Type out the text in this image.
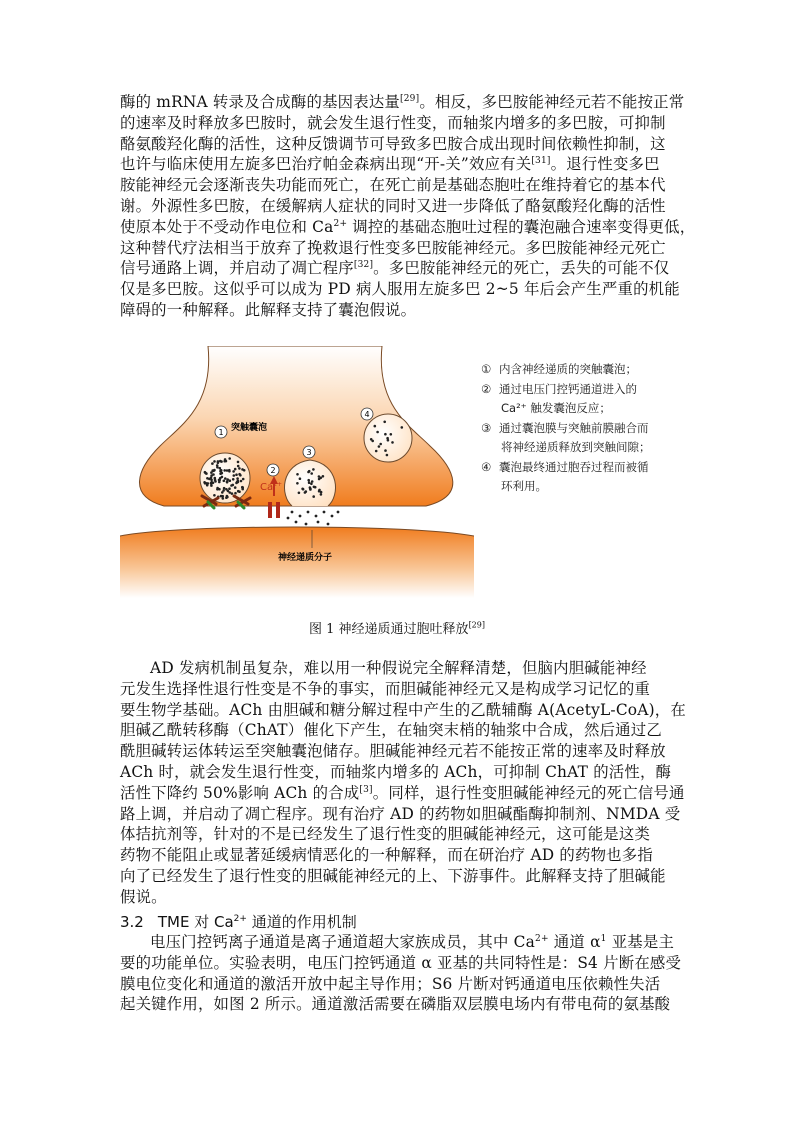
酶的 mRNA 转录及合成酶的基因表达量[29]。相反，多巴胺能神经元若不能按正常
的速率及时释放多巴胺时，就会发生退行性变，而轴浆内增多的多巴胺，可抑制
酪氨酸羟化酶的活性，这种反馈调节可导致多巴胺合成出现时间依赖性抑制，这
也许与临床使用左旋多巴治疗帕金森病出现“开-关”效应有关[31]。退行性变多巴
胺能神经元会逐渐丧失功能而死亡，在死亡前是基础态胞吐在维持着它的基本代
谢。外源性多巴胺，在缓解病人症状的同时又进一步降低了酪氨酸羟化酶的活性
使原本处于不受动作电位和 $Ca^{2+}$ 调控的基础态胞吐过程的囊泡融合速率变得更低，
这种替代疗法相当于放弃了挽救退行性变多巴胺能神经元。多巴胺能神经元死亡
信号通路上调，并启动了凋亡程序[32]。多巴胺能神经元的死亡，丢失的可能不仅
仅是多巴胺。这似乎可以成为 PD 病人服用左旋多巴 2~5 年后会产生严重的机能
障碍的一种解释。此解释支持了囊泡假说。
1 突触囊泡
2
$Ca^{2+}$
3
4
神经递质分子
① 内含神经递质的突触囊泡；
② 通过电压门控钙通道进入的
Ca²⁺ 触发囊泡反应；
③ 通过囊泡膜与突触前膜融合而
将神经递质释放到突触间隙；
④ 囊泡最终通过胞吞过程而被循
环利用。
图 1 神经递质通过胞吐释放[29]
AD 发病机制虽复杂，难以用一种假说完全解释清楚，但脑内胆碱能神经
元发生选择性退行性变是不争的事实，而胆碱能神经元又是构成学习记忆的重
要生物学基础。ACh 由胆碱和糖分解过程中产生的乙酰辅酶 A(AcetyL-CoA)，在
胆碱乙酰转移酶（ChAT）催化下产生，在轴突末梢的轴浆中合成，然后通过乙
酰胆碱转运体转运至突触囊泡储存。胆碱能神经元若不能按正常的速率及时释放
ACh 时，就会发生退行性变，而轴浆内增多的 ACh，可抑制 ChAT 的活性，酶
活性下降约 50%影响 ACh 的合成[3]。同样，退行性变胆碱能神经元的死亡信号通
路上调，并启动了凋亡程序。现有治疗 AD 的药物如胆碱酯酶抑制剂、NMDA 受
体拮抗剂等，针对的不是已经发生了退行性变的胆碱能神经元，这可能是这类
药物不能阻止或显著延缓病情恶化的一种解释，而在研治疗 AD 的药物也多指
向了已经发生了退行性变的胆碱能神经元的上、下游事件。此解释支持了胆碱能
假说。
3.2 TME 对 $Ca^{2+}$ 通道的作用机制
电压门控钙离子通道是离子通道超大家族成员，其中 $Ca^{2+}$ 通道 $\alpha^1$ 亚基是主
要的功能单位。实验表明，电压门控钙通道 α 亚基的共同特性是：S4 片断在感受
膜电位变化和通道的激活开放中起主导作用；S6 片断对钙通道电压依赖性失活
起关键作用，如图 2 所示。通道激活需要在磷脂双层膜电场内有带电荷的氨基酸
